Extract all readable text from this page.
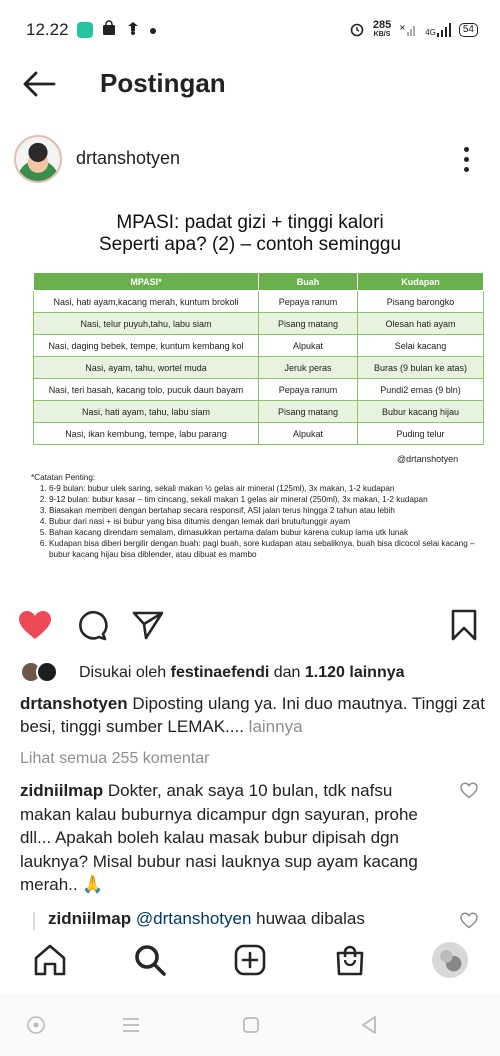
12.22	285
KB/S
×
4G	54
Postingan
drtanshotyen
MPASI: padat gizi + tinggi kalori
Seperti apa? (2) – contoh seminggu
MPASI*	Buah	Kudapan
Nasi, hati ayam,kacang merah, kuntum brokoli	Pepaya ranum	Pisang barongko
Nasi, telur puyuh,tahu, labu siam	Pisang matang	Olesan hati ayam
Nasi, daging bebek, tempe, kuntum kembang kol	Alpukat	Selai kacang
Nasi, ayam, tahu, wortel muda	Jeruk peras	Buras (9 bulan ke atas)
Nasi, teri basah, kacang tolo, pucuk daun bayam	Pepaya ranum	Pundi2 emas (9 bln)
Nasi, hati ayam, tahu, labu siam	Pisang matang	Bubur kacang hijau
Nasi, ikan kembung, tempe, labu parang	Alpukat	Puding telur
@drtanshotyen
*Catatan Penting:
1. 6-9 bulan: bubur ulek saring, sekali makan ½ gelas air mineral (125ml), 3x makan, 1-2 kudapan
2. 9-12 bulan: bubur kasar – tim cincang, sekali makan 1 gelas air mineral (250ml), 3x makan, 1-2 kudapan
3. Biasakan memberi dengan bertahap secara responsif, ASI jalan terus hingga 2 tahun atau lebih
4. Bubur dari nasi + isi bubur yang bisa ditumis dengan lemak dari brutu/tunggir ayam
5. Bahan kacang direndam semalam, dimasukkan pertama dalam bubur karena cukup lama utk lunak
6. Kudapan bisa diberi bergilir dengan buah: pagi buah, sore kudapan atau sebaliknya, buah bisa dicocol selai kacang – bubur kacang hijau bisa diblender, atau dibuat es mambo
Disukai oleh festinaefendi dan 1.120 lainnya
drtanshotyen Diposting ulang ya. Ini duo mautnya. Tinggi zat besi, tinggi sumber LEMAK.... lainnya
Lihat semua 255 komentar
zidniilmap Dokter, anak saya 10 bulan, tdk nafsu makan kalau buburnya dicampur dgn sayuran, prohe dll... Apakah boleh kalau masak bubur dipisah dgn lauknya? Misal bubur nasi lauknya sup ayam kacang merah.. 🙏
zidniilmap @drtanshotyen huwaa dibalas
